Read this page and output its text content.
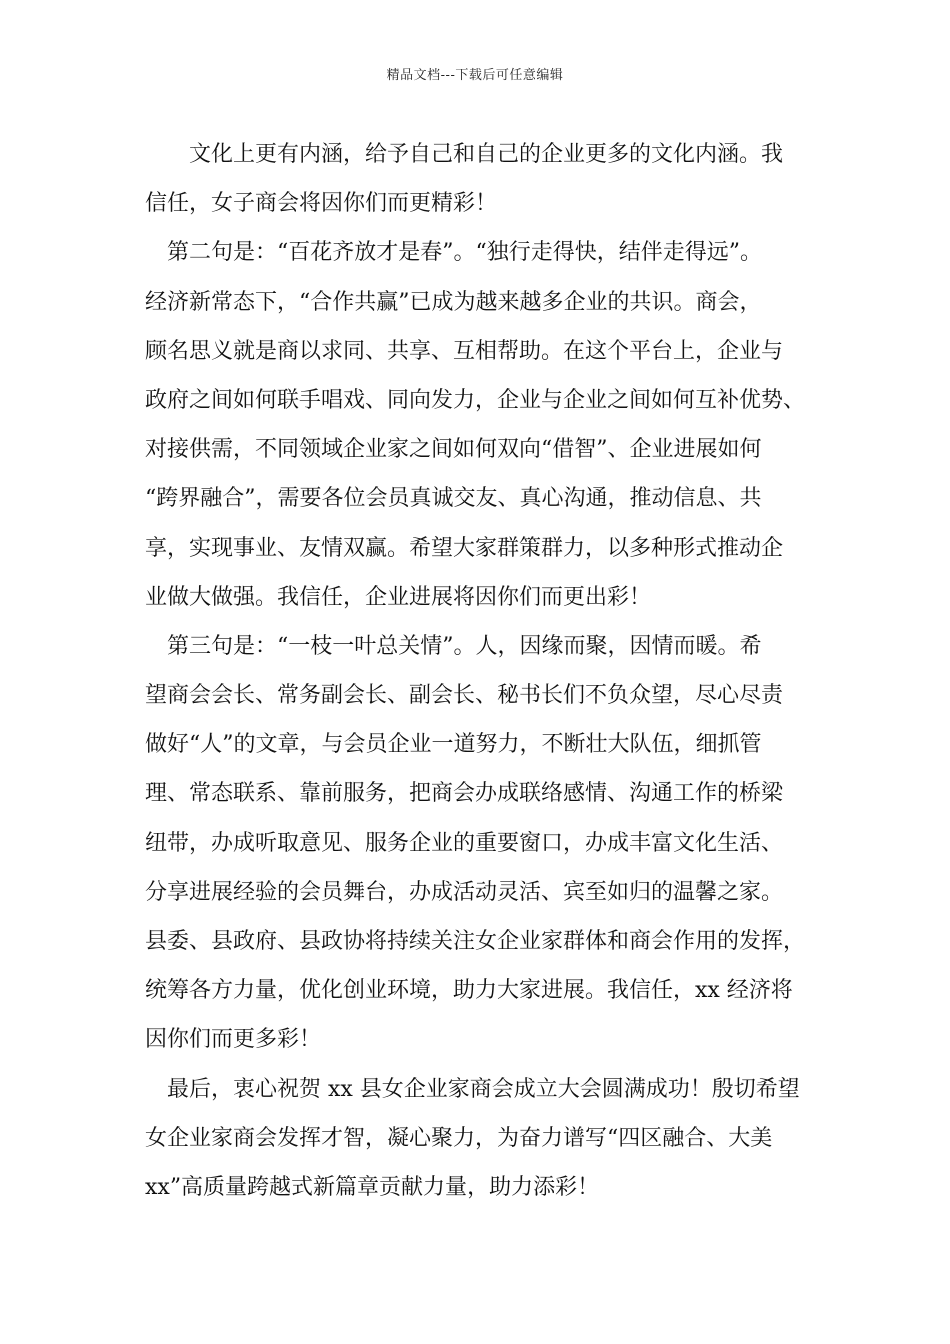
精品文档---下载后可任意编辑
文化上更有内涵，给予自己和自己的企业更多的文化内涵。我
信任，女子商会将因你们而更精彩！
第二句是：“百花齐放才是春”。“独行走得快，结伴走得远”。
经济新常态下，“合作共赢”已成为越来越多企业的共识。商会，
顾名思义就是商以求同、共享、互相帮助。在这个平台上，企业与
政府之间如何联手唱戏、同向发力，企业与企业之间如何互补优势、
对接供需，不同领域企业家之间如何双向“借智”、企业进展如何
“跨界融合”，需要各位会员真诚交友、真心沟通，推动信息、共
享，实现事业、友情双赢。希望大家群策群力，以多种形式推动企
业做大做强。我信任，企业进展将因你们而更出彩！
第三句是：“一枝一叶总关情”。人，因缘而聚，因情而暖。希
望商会会长、常务副会长、副会长、秘书长们不负众望，尽心尽责
做好“人”的文章，与会员企业一道努力，不断壮大队伍，细抓管
理、常态联系、靠前服务，把商会办成联络感情、沟通工作的桥梁
纽带，办成听取意见、服务企业的重要窗口，办成丰富文化生活、
分享进展经验的会员舞台，办成活动灵活、宾至如归的温馨之家。
县委、县政府、县政协将持续关注女企业家群体和商会作用的发挥，
统筹各方力量，优化创业环境，助力大家进展。我信任，xx 经济将
因你们而更多彩！
最后，衷心祝贺 xx 县女企业家商会成立大会圆满成功！殷切希望
女企业家商会发挥才智，凝心聚力，为奋力谱写“四区融合、大美
xx”高质量跨越式新篇章贡献力量，助力添彩！
